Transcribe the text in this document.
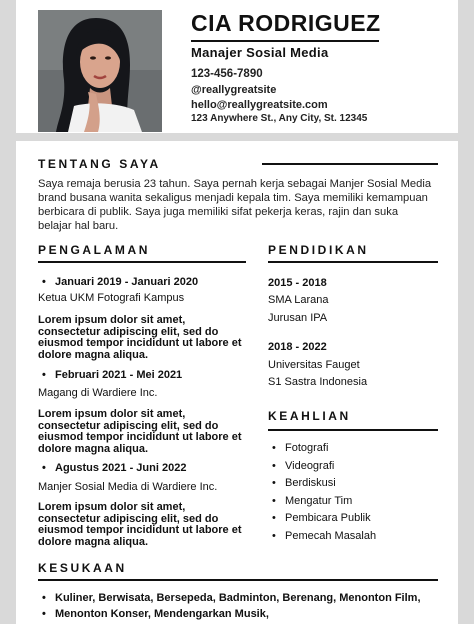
CIA RODRIGUEZ
Manajer Sosial Media
123-456-7890
@reallygreatsite
hello@reallygreatsite.com
123 Anywhere St., Any City, St. 12345
TENTANG SAYA

Saya remaja berusia 23 tahun. Saya pernah kerja sebagai Manjer Sosial Media brand busana wanita sekaligus menjadi kepala tim. Saya memiliki kemampuan berbicara di publik. Saya juga memiliki sifat pekerja keras, rajin dan suka belajar hal baru.

PENGALAMAN
• Januari 2019 - Januari 2020
Ketua UKM Fotografi Kampus

Lorem ipsum dolor sit amet, consectetur adipiscing elit, sed do eiusmod tempor incididunt ut labore et dolore magna aliqua.

• Februari 2021 - Mei 2021
Magang di Wardiere Inc.

Lorem ipsum dolor sit amet, consectetur adipiscing elit, sed do eiusmod tempor incididunt ut labore et dolore magna aliqua.

• Agustus 2021 - Juni 2022
Manjer Sosial Media di Wardiere Inc.

Lorem ipsum dolor sit amet, consectetur adipiscing elit, sed do eiusmod tempor incididunt ut labore et dolore magna aliqua.

PENDIDIKAN
2015 - 2018
SMA Larana
Jurusan IPA
2018 - 2022
Universitas Fauget
S1 Sastra Indonesia
KEAHLIAN
• Fotografi
• Videografi
• Berdiskusi
• Mengatur Tim
• Pembicara Publik
• Pemecah Masalah
KESUKAAN
• Kuliner, Berwisata, Bersepeda, Badminton, Berenang, Menonton Film,
• Menonton Konser, Mendengarkan Musik,
